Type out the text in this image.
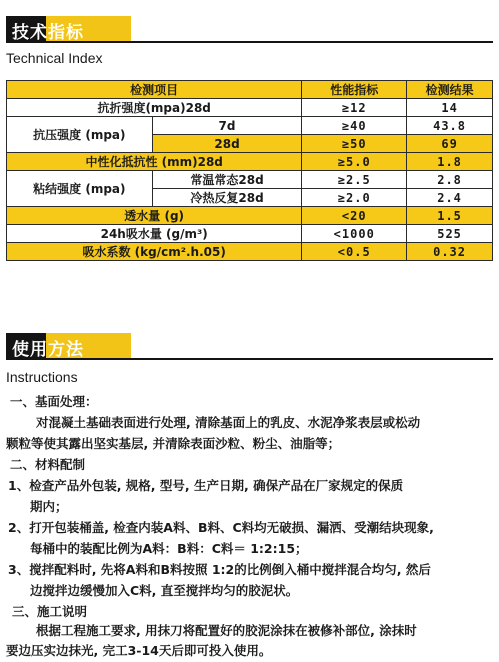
技术指标
Technical Index
检测项目		性能指标	检测结果
抗折强度(mpa)28d		≥12	14
抗压强度 (mpa)	7d	≥40	43.8
	28d	≥50	69
中性化抵抗性 (mm)28d		≥5.0	1.8
粘结强度 (mpa)	常温常态28d	≥2.5	2.8
	冷热反复28d	≥2.0	2.4
透水量 (g)		<20	1.5
24h吸水量 (g/m³)		<1000	525
吸水系数 (kg/cm².h.05)		<0.5	0.32
使用方法
Instructions
一、基面处理：
对混凝土基础表面进行处理, 清除基面上的乳皮、水泥净浆表层或松动
颗粒等使其露出坚实基层, 并清除表面沙粒、粉尘、油脂等；
二、材料配制
1、检查产品外包装, 规格, 型号, 生产日期, 确保产品在厂家规定的保质
期内；
2、打开包装桶盖, 检查内装A料、B料、C料均无破损、漏洒、受潮结块现象,
每桶中的装配比例为A料：B料：C料＝ 1:2:15；
3、搅拌配料时, 先将A料和B料按照 1:2的比例倒入桶中搅拌混合均匀, 然后
边搅拌边缓慢加入C料, 直至搅拌均匀的胶泥状。
三、施工说明
根据工程施工要求, 用抹刀将配置好的胶泥涂抹在被修补部位, 涂抹时
要边压实边抹光, 完工3-14天后即可投入使用。
